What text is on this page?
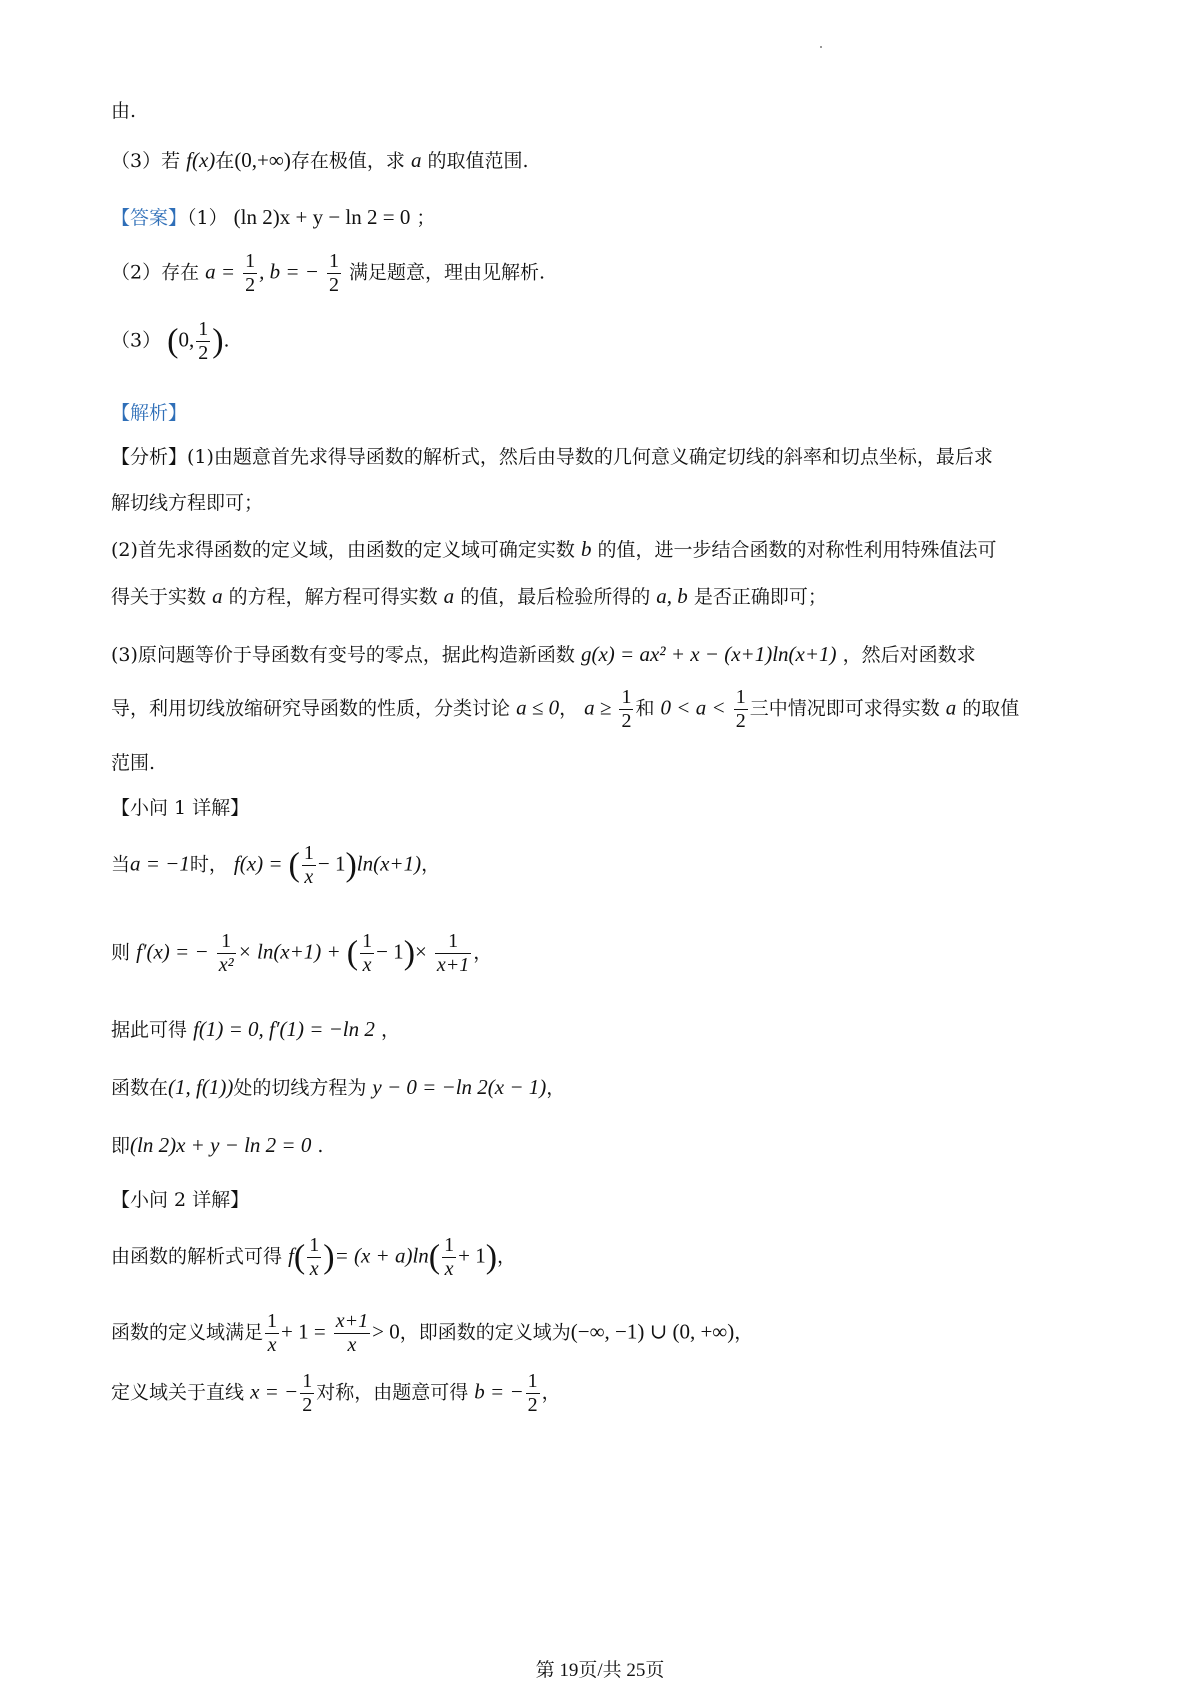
由.
（3）若 f(x)在(0,+∞)存在极值，求 a 的取值范围.
【答案】（1） (ln 2)x + y − ln 2 = 0 ；
（2）存在 $a = \frac{1}{2}$ , b = − $\frac{1}{2}$ 满足题意，理由见解析.
（3） (0, $\frac{1}{2}$ ).
【解析】
【分析】(1)由题意首先求得导函数的解析式，然后由导数的几何意义确定切线的斜率和切点坐标，最后求
解切线方程即可；
(2)首先求得函数的定义域，由函数的定义域可确定实数 b 的值，进一步结合函数的对称性利用特殊值法可
得关于实数 a 的方程，解方程可得实数 a 的值，最后检验所得的 a, b 是否正确即可；
(3)原问题等价于导函数有变号的零点，据此构造新函数 g(x) = ax² + x − (x+1)ln(x+1) ，然后对函数求
导，利用切线放缩研究导函数的性质，分类讨论 a ≤ 0， $a \ge \frac{1}{2}$ 和 $0 < a < \frac{1}{2}$ 三中情况即可求得实数 a 的取值
范围.
【小问 1 详解】
当a = −1时， f(x) = ( $\frac{1}{x} - 1)\ln(x+1)$，
则 f′(x) = − $\frac{1}{\text{x²}} \times \ln(x+1)$ + ( $\frac{1}{x} - 1)\times \frac{1}{x+1}$ ，
据此可得 f(1) = 0, f′(1) = −ln 2 ，
函数在(1, f(1))处的切线方程为 y − 0 = −ln 2(x − 1)，
即(ln 2)x + y − ln 2 = 0 .
【小问 2 详解】
由函数的解析式可得 $f( \frac{1}{x}$ )= $(x + a)\ln( \frac{1}{x} + 1)$，
函数的定义域满足 $\frac{1}{x} + 1 = \frac{x+1}{x} > 0$，即函数的定义域为(−∞, −1) ∪ (0, +∞)，
定义域关于直线 x = − $\frac{1}{2}$ 对称，由题意可得 b = − $\frac{1}{2}$ ，
第 19页/共 25页
